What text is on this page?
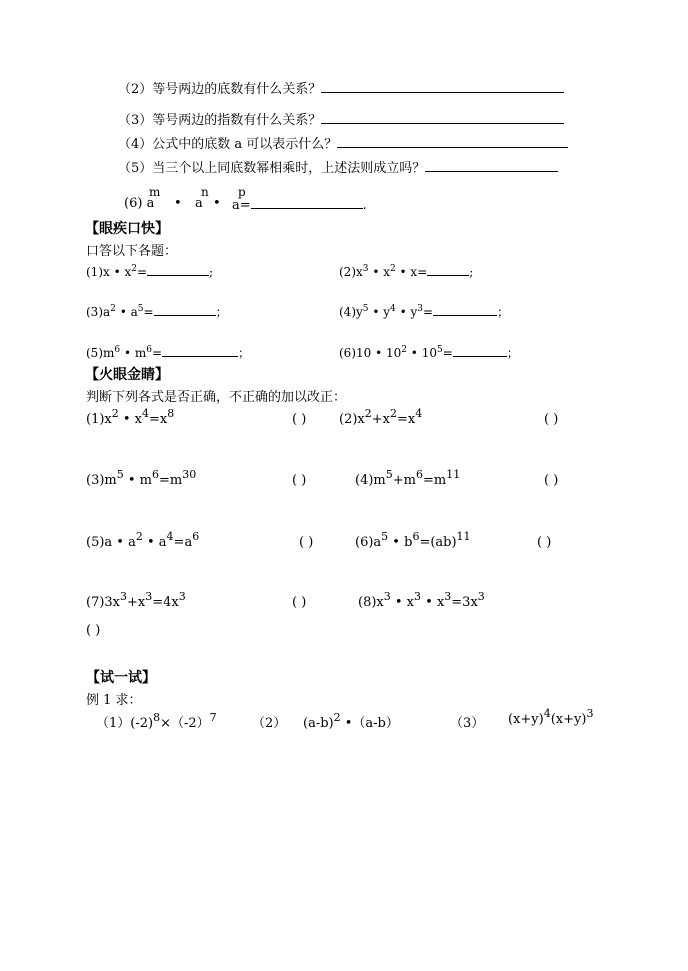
（2）等号两边的底数有什么关系？
（3）等号两边的指数有什么关系？
（4）公式中的底数 a 可以表示什么？
（5）当三个以上同底数幂相乘时，上述法则成立吗？
(6) a
m
• a
n
• a=	.
p
【眼疾口快】
口答以下各题：
(1)x • $x^2=$	;	$(2)x^3$ • $x^2$ • x=	;
$(3)a^2$ • $a^5=$	；	$(4)y^5$ • $y^4$ • $y^3=$	；
$(5)m^6$ • $m^6=$	；	(6)10 • $10^2$ • $10^5=$	；
【火眼金睛】
判断下列各式是否正确，不正确的加以改正：
$(1)x^2$ • $x^4=x^8$	( )	$(2)x^2+x^2=x^4$	( )
$(3)m^5$ • $m^6=m^{30}$	( )	$(4)m^5+m^6=m^{11}$	( )
(5)a • $a^2$ • $a^4=a^6$	( )	$(6)a^5$ • $b^6=(ab)^{11}$	( )
$(7)3x^3+x^3=4x^3$	( )	$(8)x^3$ • $x^3$ • $x^3=3x^3$
( )
【试一试】
例 1 求：
$(1)(-2)^8\times(-2)^7$	（2） $(a-b)^2$ •（a-b）	（3） $(x+y)^4(x+y)^3$
